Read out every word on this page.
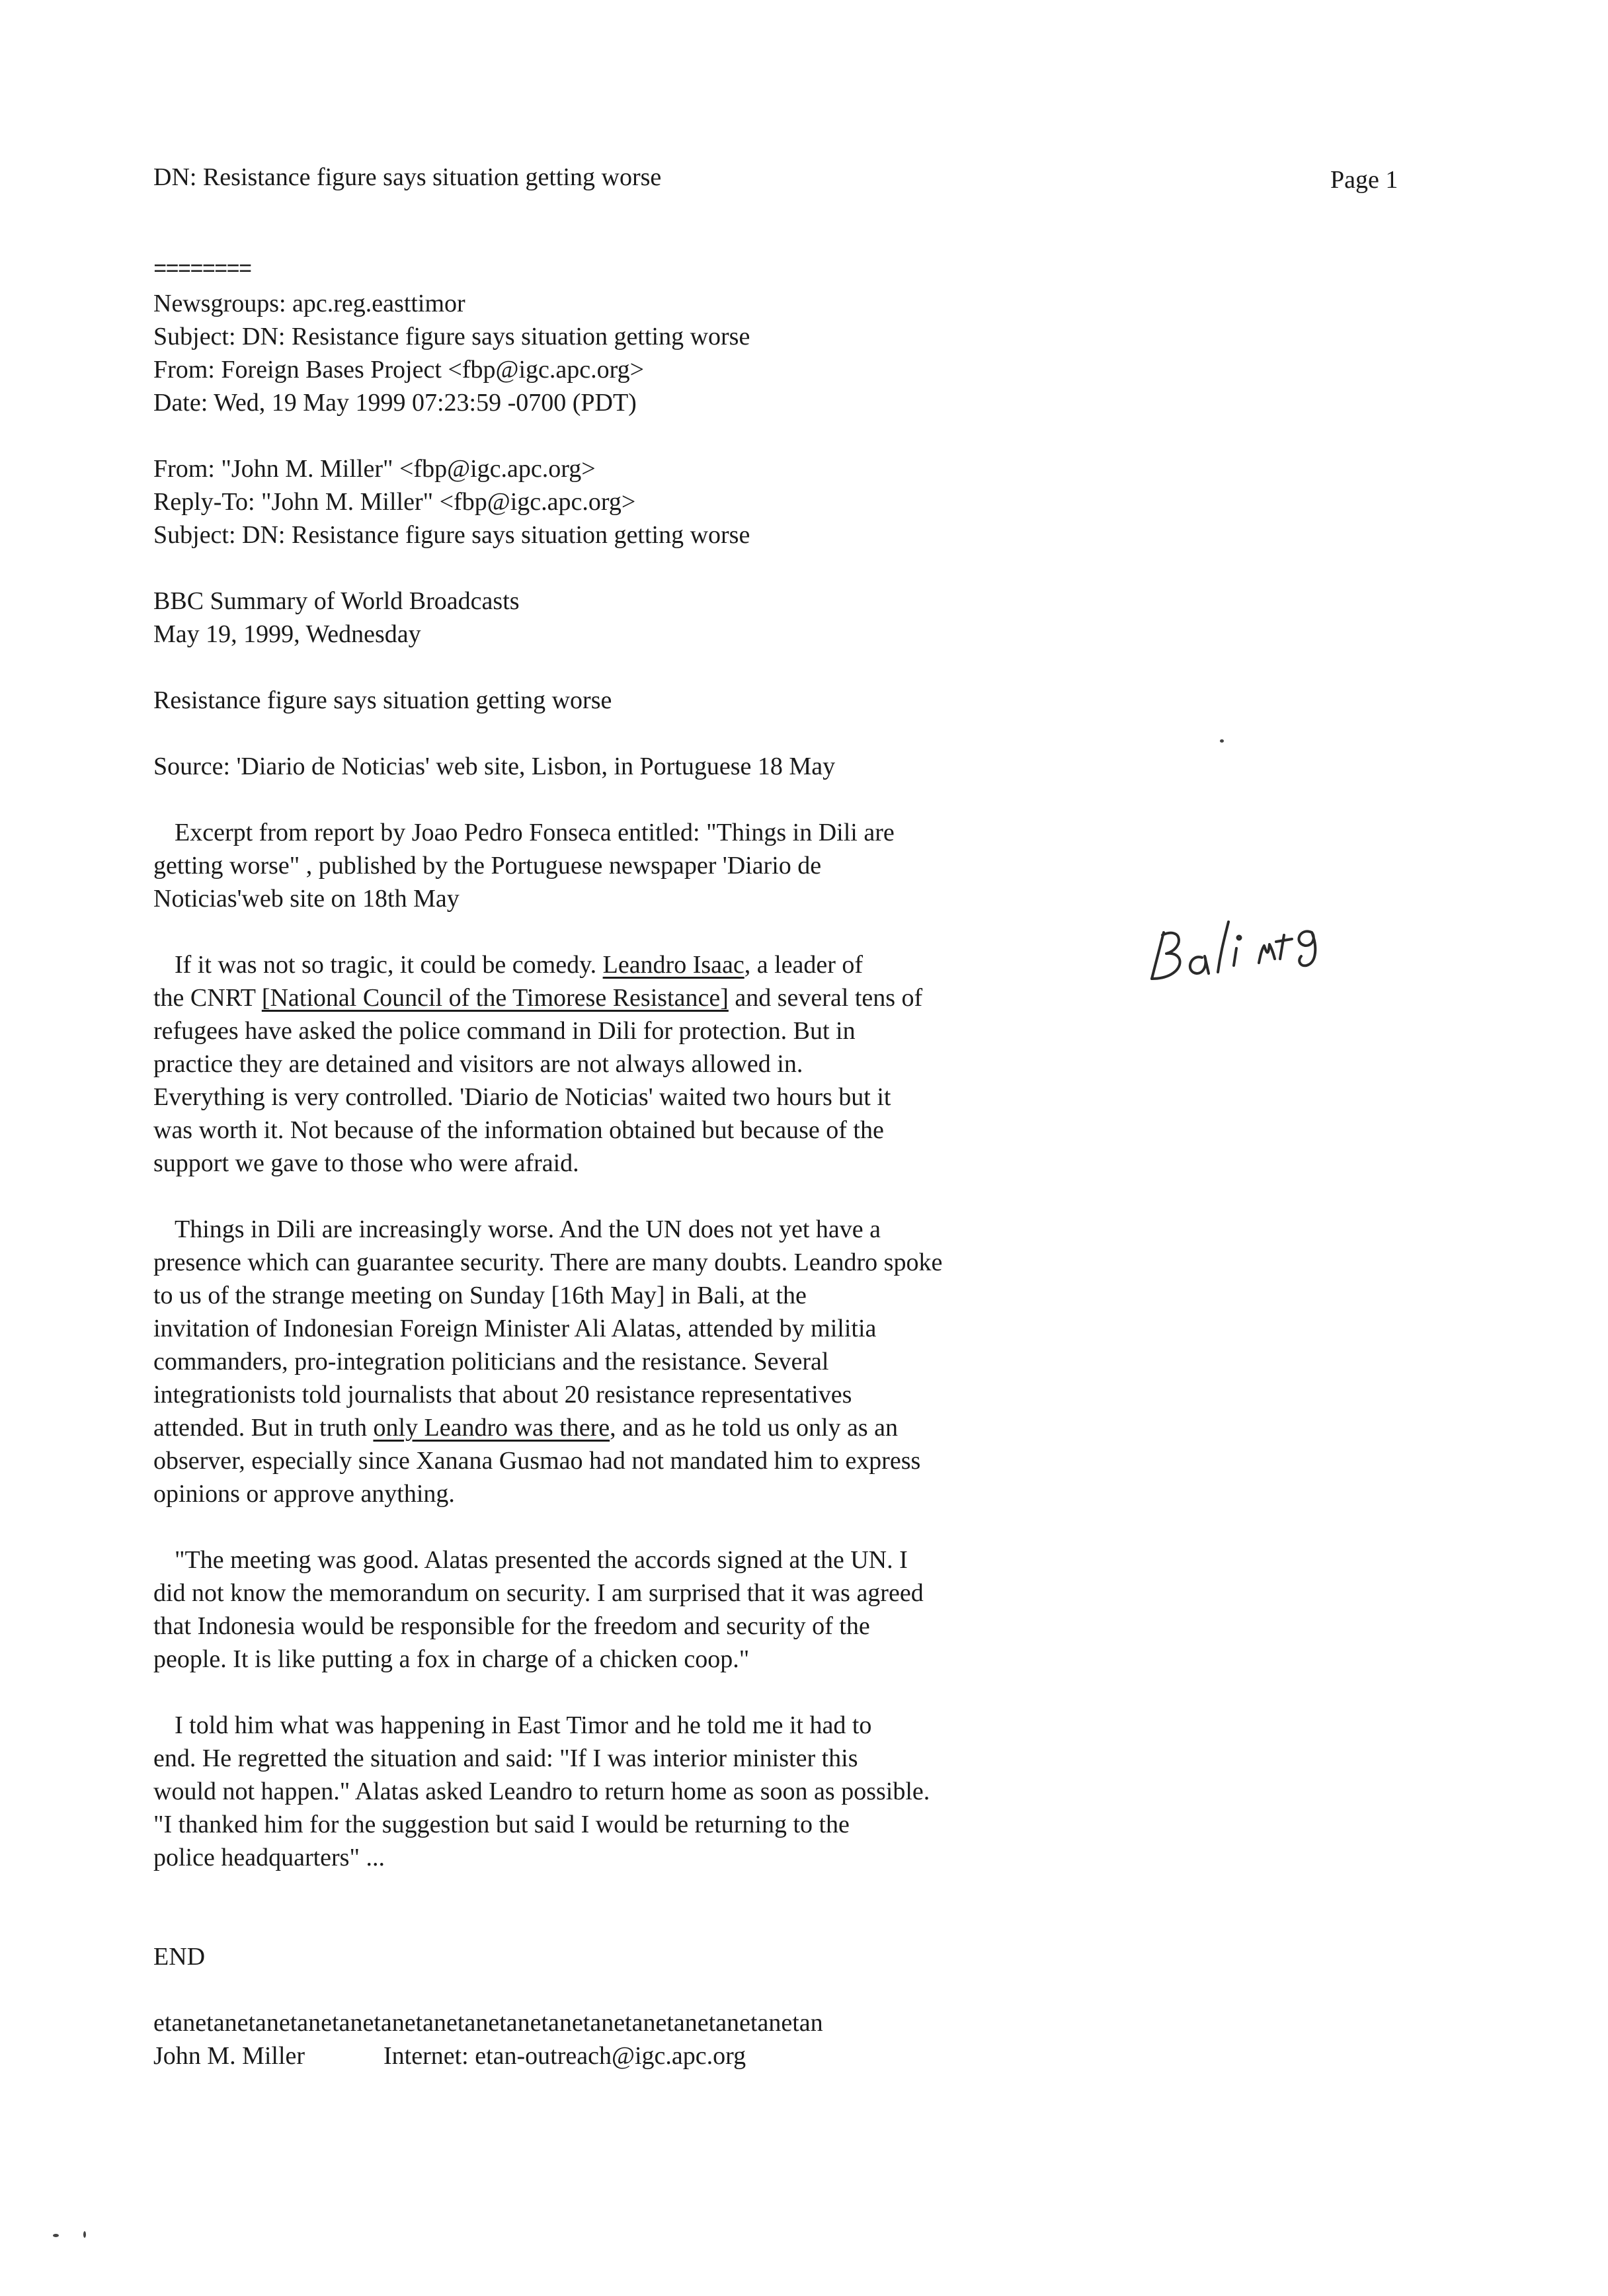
DN: Resistance figure says situation getting worse	Page 1
========
Newsgroups: apc.reg.easttimor
Subject: DN: Resistance figure says situation getting worse
From: Foreign Bases Project <fbp@igc.apc.org>
Date: Wed, 19 May 1999 07:23:59 -0700 (PDT)
From: "John M. Miller" <fbp@igc.apc.org>
Reply-To: "John M. Miller" <fbp@igc.apc.org>
Subject: DN: Resistance figure says situation getting worse
BBC Summary of World Broadcasts
May 19, 1999, Wednesday
Resistance figure says situation getting worse
Source: 'Diario de Noticias' web site, Lisbon, in Portuguese 18 May
Excerpt from report by Joao Pedro Fonseca entitled: "Things in Dili are
getting worse" , published by the Portuguese newspaper 'Diario de
Noticias'web site on 18th May
If it was not so tragic, it could be comedy. Leandro Isaac, a leader of
the CNRT [National Council of the Timorese Resistance] and several tens of
refugees have asked the police command in Dili for protection. But in
practice they are detained and visitors are not always allowed in.
Everything is very controlled. 'Diario de Noticias' waited two hours but it
was worth it. Not because of the information obtained but because of the
support we gave to those who were afraid.
Things in Dili are increasingly worse. And the UN does not yet have a
presence which can guarantee security. There are many doubts. Leandro spoke
to us of the strange meeting on Sunday [16th May] in Bali, at the
invitation of Indonesian Foreign Minister Ali Alatas, attended by militia
commanders, pro-integration politicians and the resistance. Several
integrationists told journalists that about 20 resistance representatives
attended. But in truth only Leandro was there, and as he told us only as an
observer, especially since Xanana Gusmao had not mandated him to express
opinions or approve anything.
"The meeting was good. Alatas presented the accords signed at the UN. I
did not know the memorandum on security. I am surprised that it was agreed
that Indonesia would be responsible for the freedom and security of the
people. It is like putting a fox in charge of a chicken coop."
I told him what was happening in East Timor and he told me it had to
end. He regretted the situation and said: "If I was interior minister this
would not happen." Alatas asked Leandro to return home as soon as possible.
"I thanked him for the suggestion but said I would be returning to the
police headquarters" ...
END
etanetanetanetanetanetanetanetanetanetanetanetanetanetanetanetan
John M. Miller	Internet: etan-outreach@igc.apc.org
